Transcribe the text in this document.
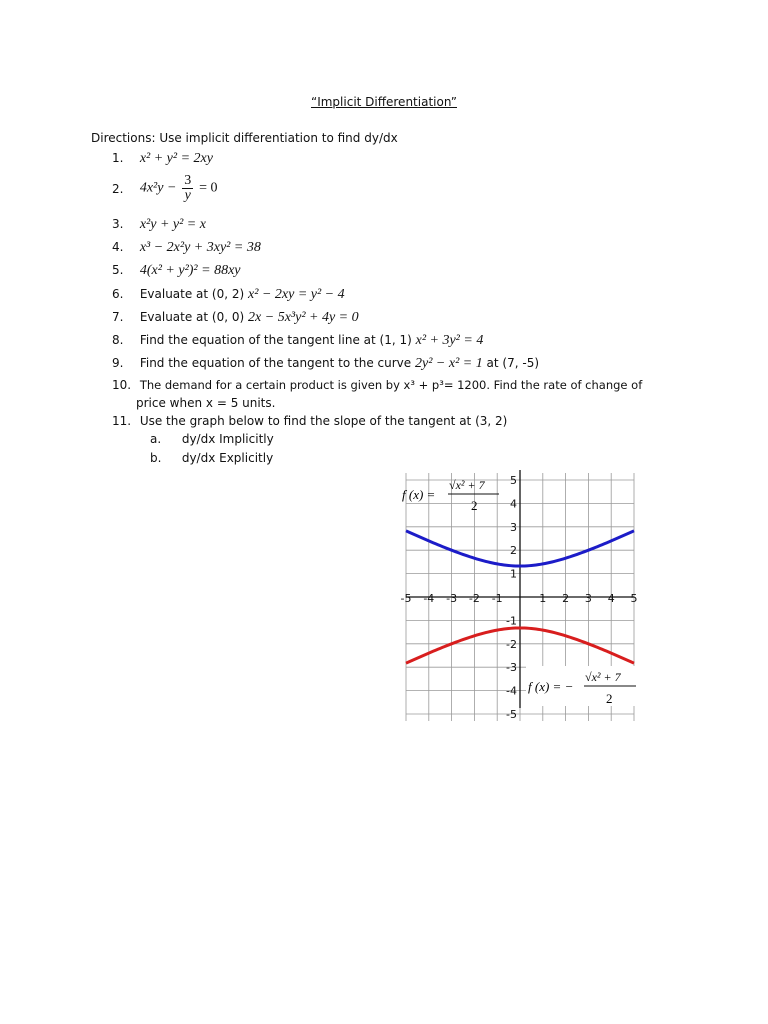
“Implicit Differentiation”
Directions: Use implicit differentiation to find dy/dx
1. x² + y² = 2xy
2. $4x^2y - \frac{3}{y} = 0$
3. x²y + y² = x
4. x³ − 2x²y + 3xy² = 38
5. 4(x² + y²)² = 88xy
6. Evaluate at (0, 2) x² − 2xy = y² − 4
7. Evaluate at (0, 0) 2x − 5x³y² + 4y = 0
8. Find the equation of the tangent line at (1, 1) x² + 3y² = 4
9. Find the equation of the tangent to the curve 2y² − x² = 1 at (7, -5)
10. The demand for a certain product is given by x³ + p³= 1200. Find the rate of change of
price when x = 5 units.
11. Use the graph below to find the slope of the tangent at (3, 2)
a. dy/dx Implicitly
b. dy/dx Explicitly
-5 -4 -3 -2 -1	1 2 3 4 5
5
4
3
2
1
-1
-2
-3
-4
-5
f (x) =
√x² + 7
2
f (x) = −
√x² + 7
2
